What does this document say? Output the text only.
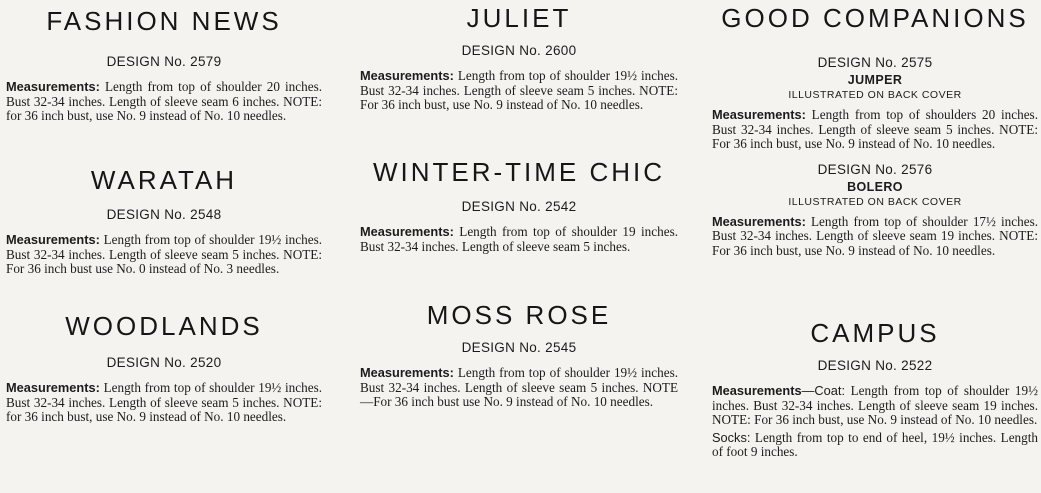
FASHION NEWS
DESIGN No. 2579

Measurements: Length from top of shoulder 20 inches. Bust 32-34 inches. Length of sleeve seam 6 inches. NOTE: for 36 inch bust, use No. 9 instead of No. 10 needles.

WARATAH
DESIGN No. 2548

Measurements: Length from top of shoulder 19½ inches. Bust 32-34 inches. Length of sleeve seam 5 inches. NOTE: For 36 inch bust use No. 0 instead of No. 3 needles.

WOODLANDS
DESIGN No. 2520

Measurements: Length from top of shoulder 19½ inches. Bust 32-34 inches. Length of sleeve seam 5 inches. NOTE: for 36 inch bust, use No. 9 instead of No. 10 needles.

JULIET
DESIGN No. 2600

Measurements: Length from top of shoulder 19½ inches. Bust 32-34 inches. Length of sleeve seam 5 inches. NOTE: For 36 inch bust, use No. 9 instead of No. 10 needles.

WINTER-TIME CHIC
DESIGN No. 2542

Measurements: Length from top of shoulder 19 inches. Bust 32-34 inches. Length of sleeve seam 5 inches.

MOSS ROSE
DESIGN No. 2545

Measurements: Length from top of shoulder 19½ inches. Bust 32-34 inches. Length of sleeve seam 5 inches. NOTE—For 36 inch bust use No. 9 instead of No. 10 needles.

GOOD COMPANIONS
DESIGN No. 2575
JUMPER
ILLUSTRATED ON BACK COVER

Measurements: Length from top of shoulders 20 inches. Bust 32-34 inches. Length of sleeve seam 5 inches. NOTE: For 36 inch bust, use No. 9 instead of No. 10 needles.

DESIGN No. 2576
BOLERO
ILLUSTRATED ON BACK COVER

Measurements: Length from top of shoulder 17½ inches. Bust 32-34 inches. Length of sleeve seam 19 inches. NOTE: For 36 inch bust, use No. 9 instead of No. 10 needles.

CAMPUS
DESIGN No. 2522

Measurements—Coat: Length from top of shoulder 19½ inches. Bust 32-34 inches. Length of sleeve seam 19 inches. NOTE: For 36 inch bust, use No. 9 instead of No. 10 needles.

Socks: Length from top to end of heel, 19½ inches. Length of foot 9 inches.
